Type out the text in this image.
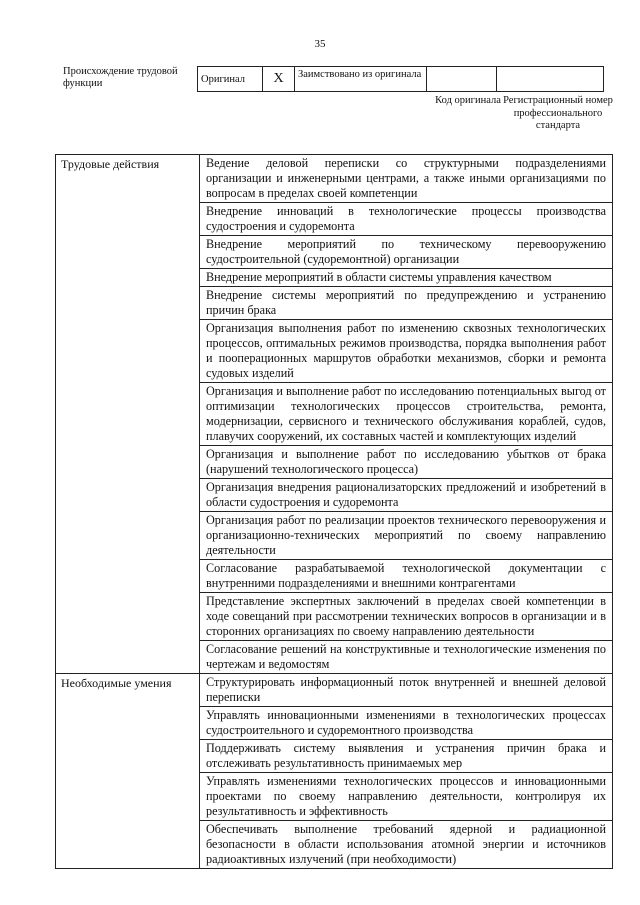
35
Происхождение трудовой функции	Оригинал	X	Заимствовано из оригинала		
Код оригинала Регистрационный номер профессионального стандарта
Трудовые действия	Ведение деловой переписки со структурными подразделениями организации и инженерными центрами, а также иными организациями по вопросам в пределах своей компетенции
	Внедрение инноваций в технологические процессы производства судостроения и судоремонта
	Внедрение мероприятий по техническому перевооружению судостроительной (судоремонтной) организации
	Внедрение мероприятий в области системы управления качеством
	Внедрение системы мероприятий по предупреждению и устранению причин брака
	Организация выполнения работ по изменению сквозных технологических процессов, оптимальных режимов производства, порядка выполнения работ и пооперационных маршрутов обработки механизмов, сборки и ремонта судовых изделий
	Организация и выполнение работ по исследованию потенциальных выгод от оптимизации технологических процессов строительства, ремонта, модернизации, сервисного и технического обслуживания кораблей, судов, плавучих сооружений, их составных частей и комплектующих изделий
	Организация и выполнение работ по исследованию убытков от брака (нарушений технологического процесса)
	Организация внедрения рационализаторских предложений и изобретений в области судостроения и судоремонта
	Организация работ по реализации проектов технического перевооружения и организационно-технических мероприятий по своему направлению деятельности
	Согласование разрабатываемой технологической документации с внутренними подразделениями и внешними контрагентами
	Представление экспертных заключений в пределах своей компетенции в ходе совещаний при рассмотрении технических вопросов в организации и в сторонних организациях по своему направлению деятельности
	Согласование решений на конструктивные и технологические изменения по чертежам и ведомостям
Необходимые умения	Структурировать информационный поток внутренней и внешней деловой переписки
	Управлять инновационными изменениями в технологических процессах судостроительного и судоремонтного производства
	Поддерживать систему выявления и устранения причин брака и отслеживать результативность принимаемых мер
	Управлять изменениями технологических процессов и инновационными проектами по своему направлению деятельности, контролируя их результативность и эффективность
	Обеспечивать выполнение требований ядерной и радиационной безопасности в области использования атомной энергии и источников радиоактивных излучений (при необходимости)
